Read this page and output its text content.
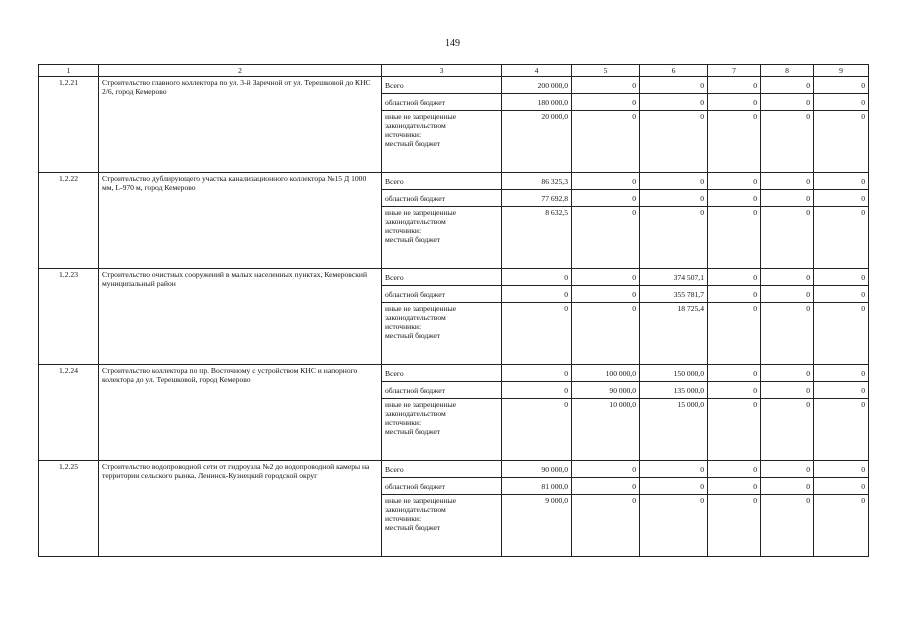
149
1	2	3	4	5	6	7	8	9
1.2.21	Строительство главного коллектора по ул. 3-й Заречной от ул. Терешковой до КНС 2/6, город Кемерово	Всего	200 000,0	0	0	0	0	0
		областной бюджет	180 000,0	0	0	0	0	0

		иные не запрещенные
законодательством
источники:
местный бюджет	20 000,0	0	0	0	0	0
1.2.22	Строительство дублирующего участка канализационного коллектора №15 Д 1000 мм, L-970 м, город Кемерово	Всего	86 325,3	0	0	0	0	0
		областной бюджет	77 692,8	0	0	0	0	0

		иные не запрещенные
законодательством
источники:
местный бюджет	8 632,5	0	0	0	0	0
1.2.23	Строительство очистных сооружений в малых населенных пунктах, Кемеровский муниципальный район	Всего	0	0	374 507,1	0	0	0
		областной бюджет	0	0	355 781,7	0	0	0

		иные не запрещенные
законодательством
источники:
местный бюджет	0	0	18 725,4	0	0	0
1.2.24	Строительство коллектора по пр. Восточному с устройством КНС и напорного колектора до ул. Терешковой, город Кемерово	Всего	0	100 000,0	150 000,0	0	0	0
		областной бюджет	0	90 000,0	135 000,0	0	0	0

		иные не запрещенные
законодательством
источники:
местный бюджет	0	10 000,0	15 000,0	0	0	0
1.2.25	Строительство водопроводной сети от гидроузла №2 до водопроводной камеры на территории сельского рынка, Ленинск-Кузнецкий городской округ	Всего	90 000,0	0	0	0	0	0
		областной бюджет	81 000,0	0	0	0	0	0

		иные не запрещенные
законодательством
источники:
местный бюджет	9 000,0	0	0	0	0	0
